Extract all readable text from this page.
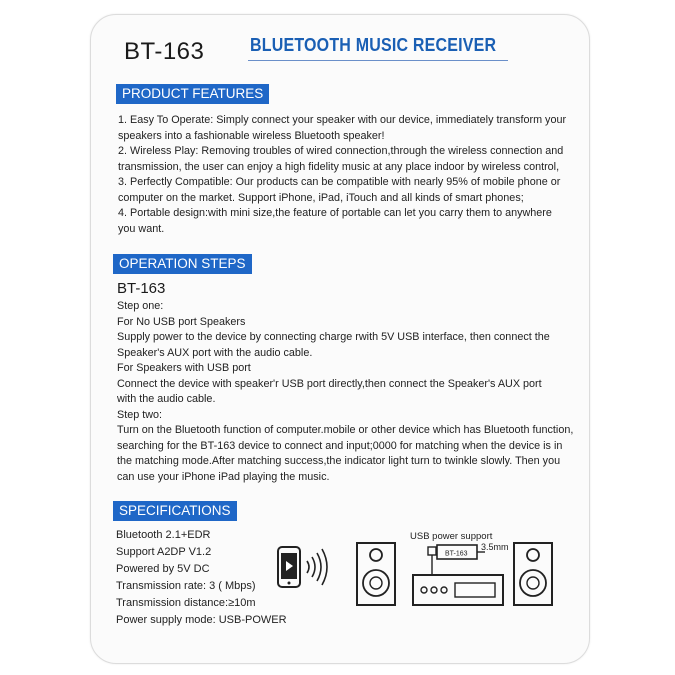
BT-163	BLUETOOTH MUSIC RECEIVER
PRODUCT FEATURES

1. Easy To Operate: Simply connect your speaker with our device, immediately transform your

speakers into a fashionable wireless Bluetooth speaker!

2. Wireless Play: Removing troubles of wired connection,through the wireless connection and

transmission, the user can enjoy a high fidelity music at any place indoor by wireless control,

3. Perfectly Compatible: Our products can be compatible with nearly 95% of mobile phone or

computer on the market. Support iPhone, iPad, iTouch and all kinds of smart phones;

4. Portable design:with mini size,the feature of portable can let you carry them to anywhere

you want.

OPERATION STEPS
BT-163

Step one:

For No USB port Speakers

Supply power to the device by connecting charge rwith 5V USB interface, then connect the

Speaker's AUX port with the audio cable.

For Speakers with USB port

Connect the device with speaker'r USB port directly,then connect the Speaker's AUX port

with the audio cable.

Step two:

Turn on the Bluetooth function of computer.mobile or other device which has Bluetooth function,

searching for the BT-163 device to connect and input;0000 for matching when the device is in

the matching mode.After matching success,the indicator light turn to twinkle slowly. Then you

can use your iPhone iPad playing the music.

SPECIFICATIONS
Bluetooth 2.1+EDR
Support A2DP V1.2
Powered by 5V DC
Transmission rate: 3 ( Mbps)
Transmission distance:≥10m
Power supply mode: USB-POWER
BT-163
USB power support
3.5mm
